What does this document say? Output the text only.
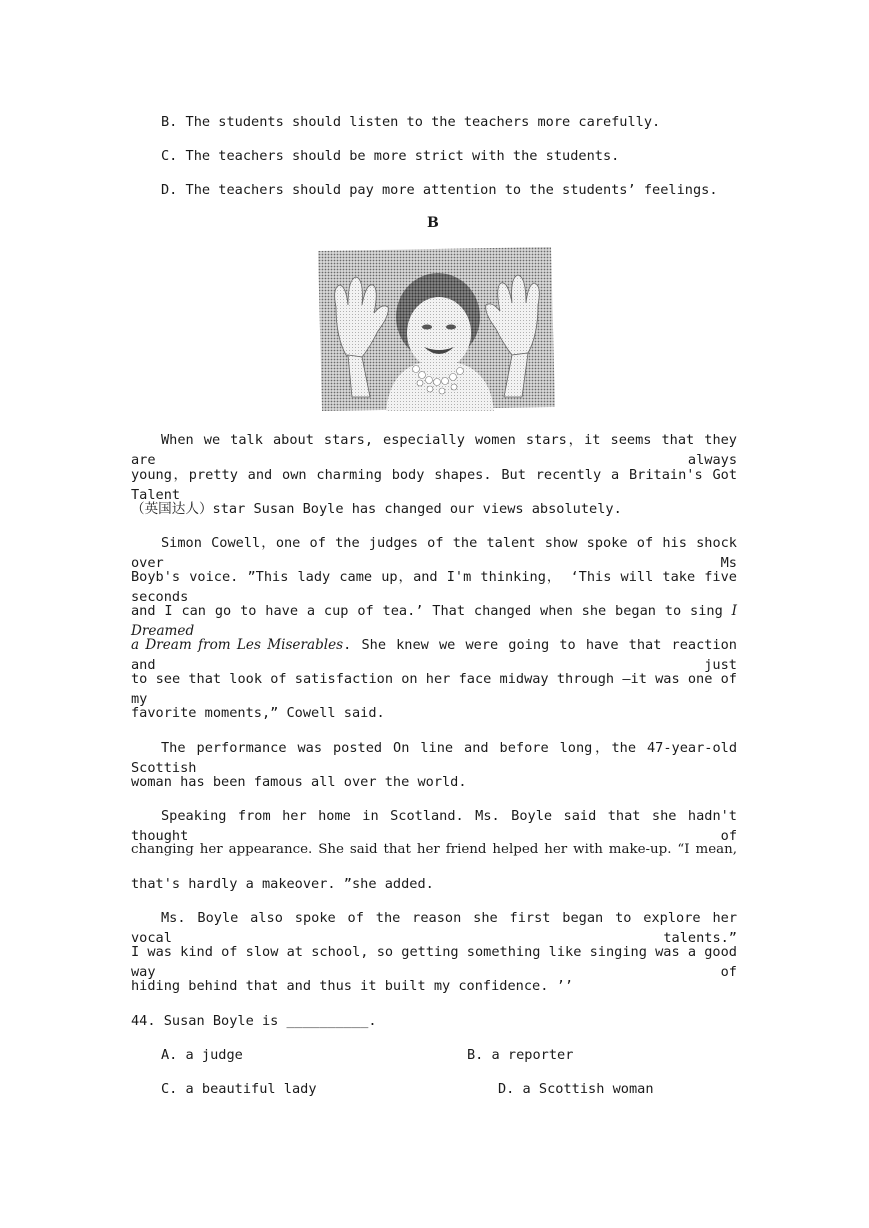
B. The students should listen to the teachers more carefully.
C. The teachers should be more strict with the students.
D. The teachers should pay more attention to the students’ feelings.
B
When we talk about stars, especially women stars，it seems that they are always
young，pretty and own charming body shapes. But recently a Britain's Got Talent
（英国达人）star Susan Boyle has changed our views absolutely.
Simon Cowell，one of the judges of the talent show spoke of his shock over Ms
Boyb's voice. ”This lady came up，and I'm thinking， ‘This will take five seconds
and I can go to have a cup of tea.’ That changed when she began to sing I Dreamed
a Dream from Les Miserables. She knew we were going to have that reaction and just
to see that look of satisfaction on her face midway through —it was one of my
favorite moments,” Cowell said.
The performance was posted On line and before long，the 47-year-old Scottish
woman has been famous all over the world.
Speaking from her home in Scotland. Ms. Boyle said that she hadn't thought of
changing her appearance. She said that her friend helped her with make-up. “I mean,
that's hardly a makeover. ”she added.
Ms. Boyle also spoke of the reason she first began to explore her vocal talents.”
I was kind of slow at school, so getting something like singing was a good way of
hiding behind that and thus it built my confidence. ’’
44. Susan Boyle is __________.
A. a judge	B. a reporter
C. a beautiful lady	D. a Scottish woman
